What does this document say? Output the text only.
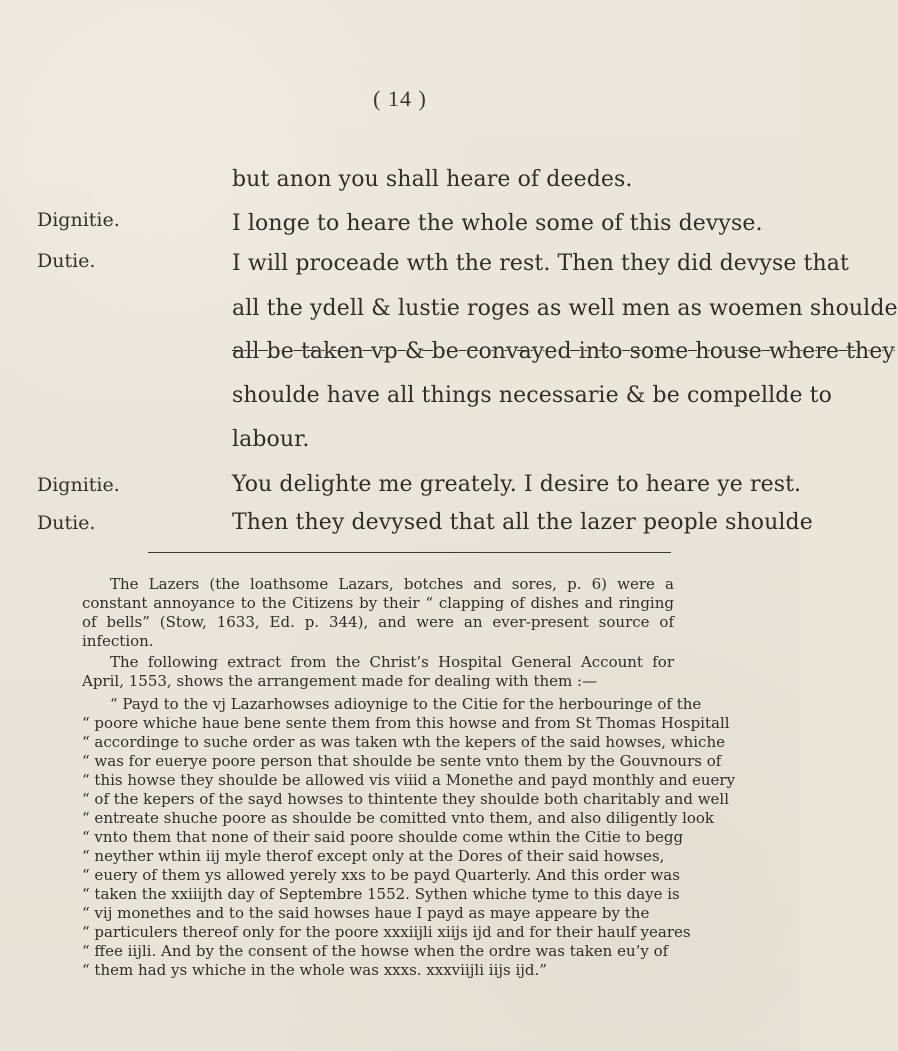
( 14 )
but anon you shall heare of deedes.
Dignitie.	I longe to heare the whole some of this devyse.
Dutie.	I will proceade wth the rest. Then they did devyse that
all the ydell & lustie roges as well men as woemen shoulde
all be taken vp & be convayed into some house where they
shoulde have all things necessarie & be compellde to
labour.
Dignitie.	You delighte me greately. I desire to heare ye rest.
Dutie.	Then they devysed that all the lazer people shoulde

The Lazers (the loathsome Lazars, botches and sores, p. 6) were a constant annoyance to the Citizens by their “ clapping of dishes and ringing of bells” (Stow, 1633, Ed. p. 344), and were an ever-present source of infection.

The following extract from the Christ’s Hospital General Account for April, 1553, shows the arrangement made for dealing with them :—

“ Payd to the vj Lazarhowses adioynige to the Citie for the herbouringe of the
“ poore whiche haue bene sente them from this howse and from St Thomas Hospitall
“ accordinge to suche order as was taken wth the kepers of the said howses, whiche
“ was for euerye poore person that shoulde be sente vnto them by the Gouvnours of
“ this howse they shoulde be allowed vis viiid a Monethe and payd monthly and euery
“ of the kepers of the sayd howses to thintente they shoulde both charitably and well
“ entreate shuche poore as shoulde be comitted vnto them, and also diligently look
“ vnto them that none of their said poore shoulde come wthin the Citie to begg
“ neyther wthin iij myle therof except only at the Dores of their said howses,
“ euery of them ys allowed yerely xxs to be payd Quarterly. And this order was
“ taken the xxiiijth day of Septembre 1552. Sythen whiche tyme to this daye is
“ vij monethes and to the said howses haue I payd as maye appeare by the
“ particulers thereof only for the poore xxxiijli xiijs ijd and for their haulf yeares
“ ffee iijli. And by the consent of the howse when the ordre was taken eu’y of
“ them had ys whiche in the whole was xxxs. xxxviijli iijs ijd.”
